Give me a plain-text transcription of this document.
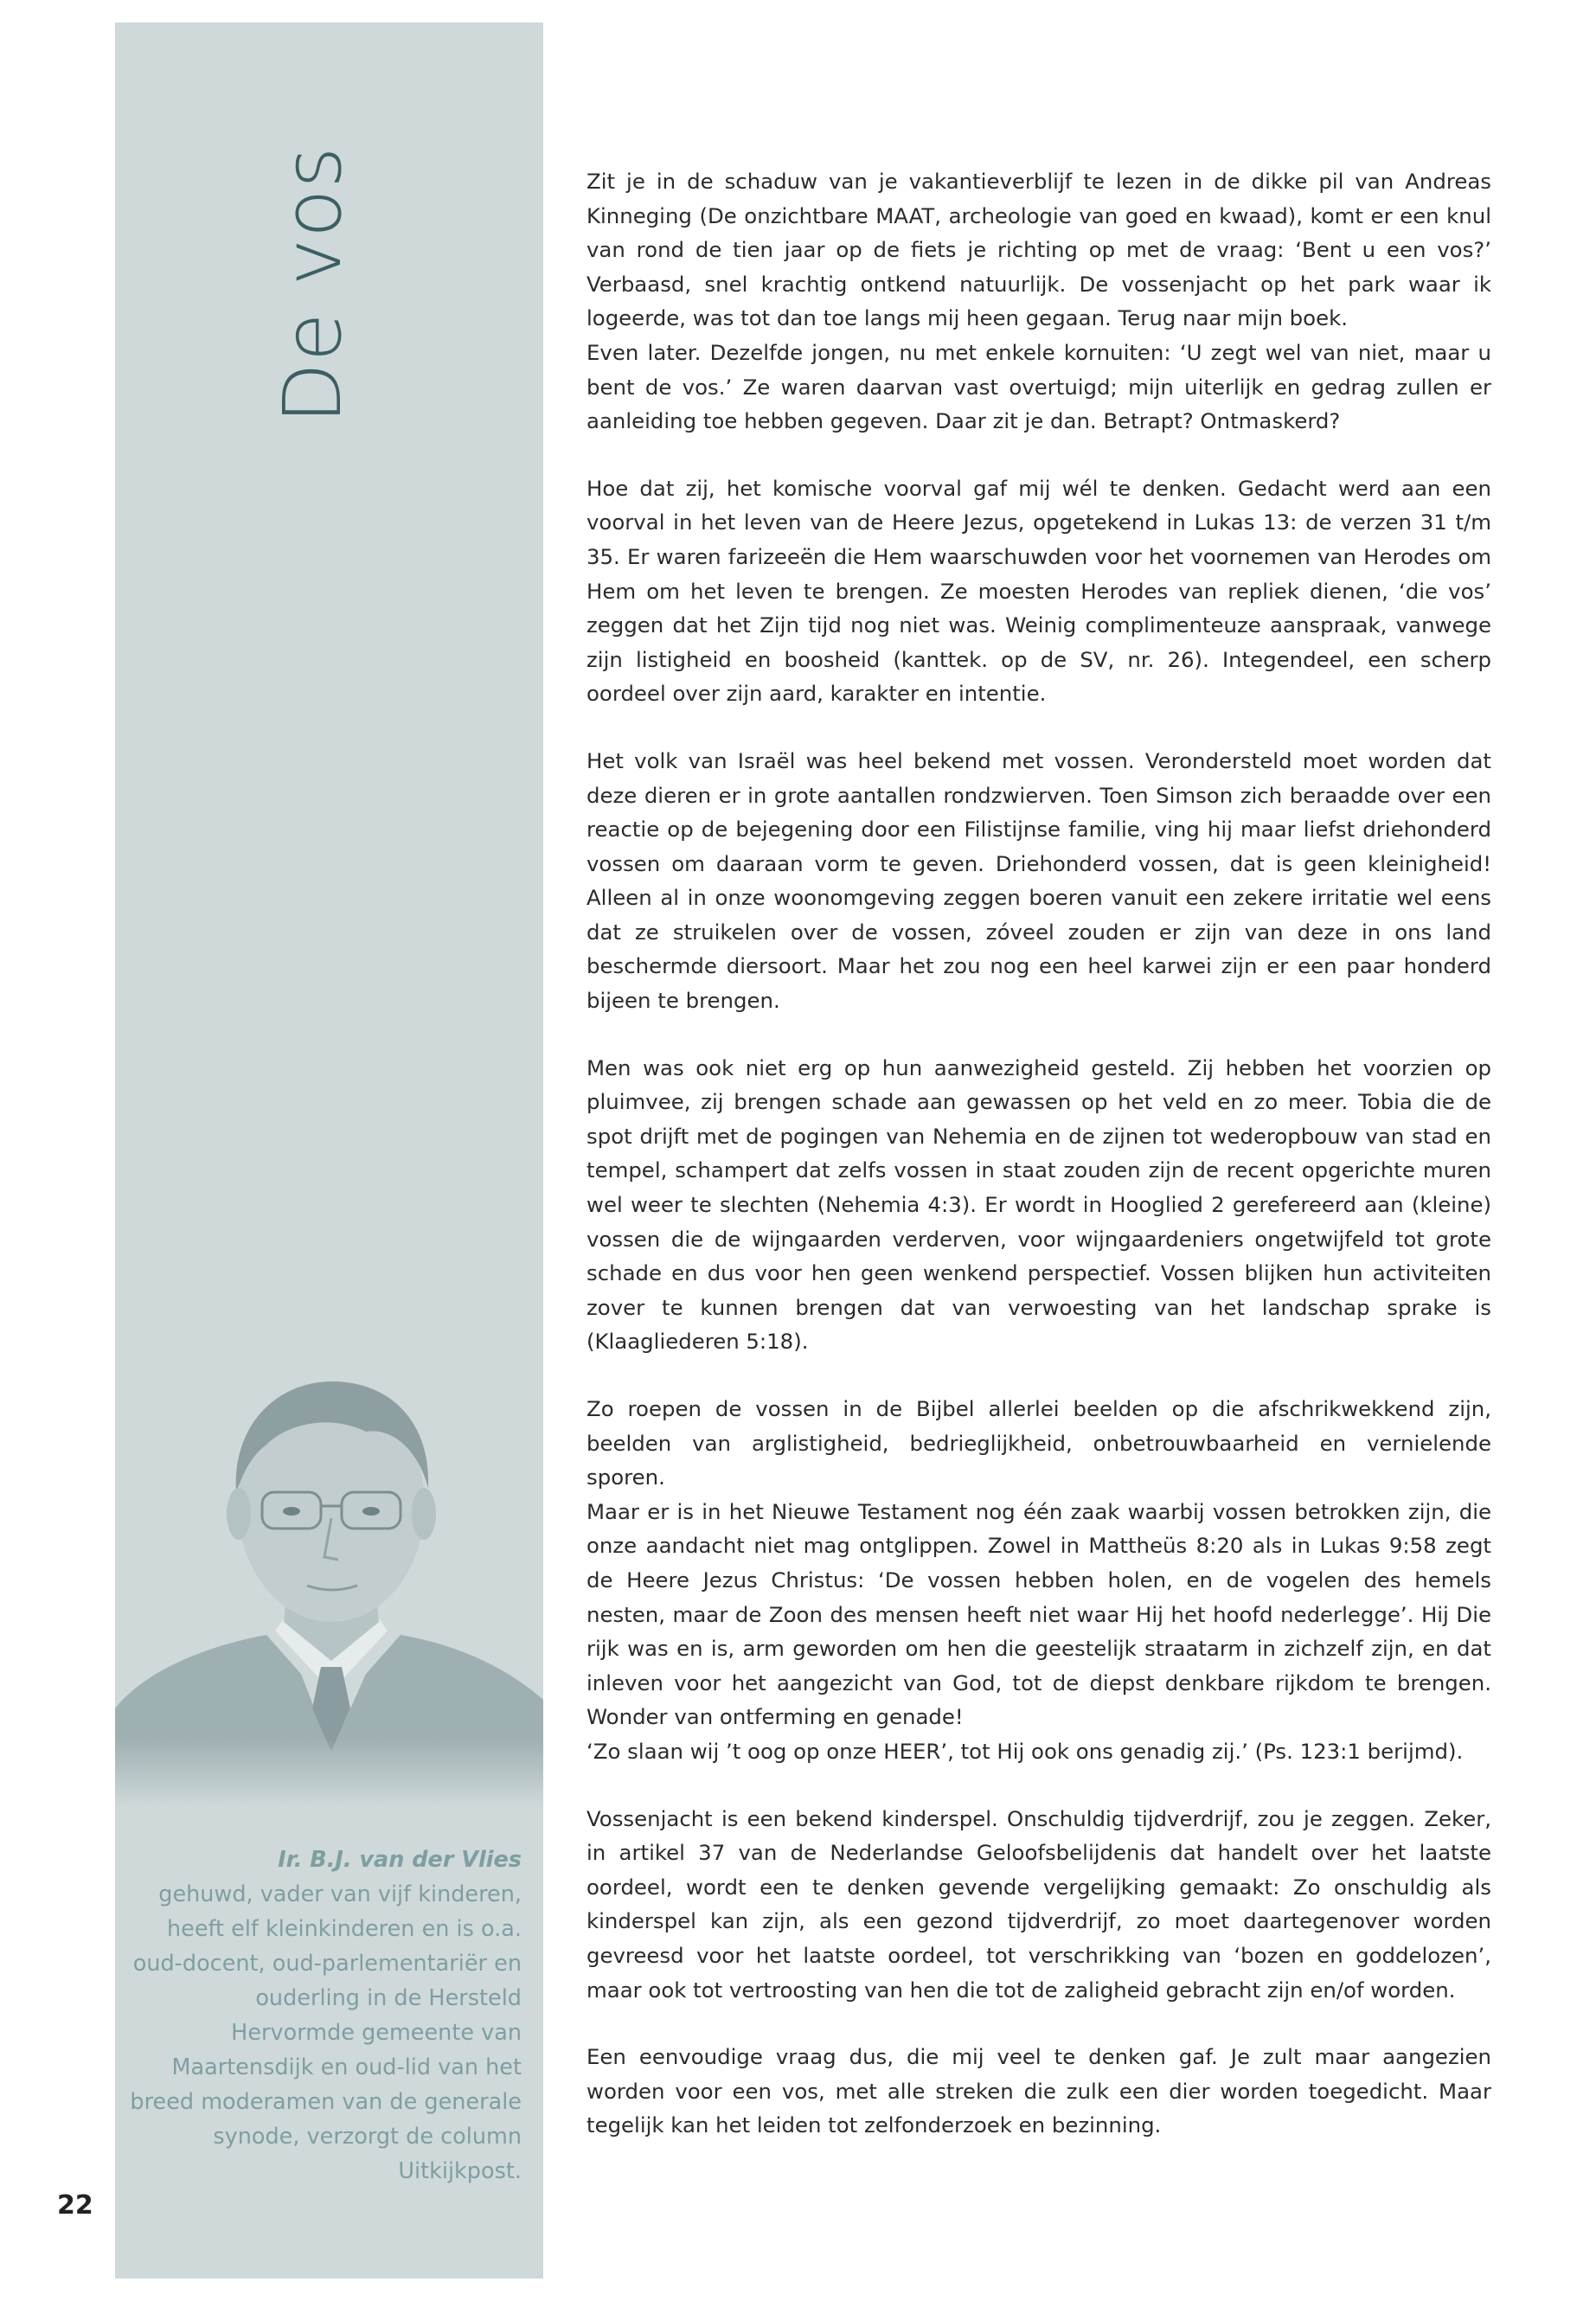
De vos
Ir. B.J. van der Vlies
gehuwd, vader van vijf kinderen, heeft elf kleinkinderen en is o.a. oud-docent, oud-parlementariër en ouderling in de Hersteld Hervormde gemeente van Maartensdijk en oud-lid van het breed moderamen van de generale synode, verzorgt de column Uitkijkpost.
22

Zit je in de schaduw van je vakantieverblijf te lezen in de dikke pil van Andreas Kinneging (De onzichtbare MAAT, archeologie van goed en kwaad), komt er een knul van rond de tien jaar op de fiets je richting op met de vraag: ‘Bent u een vos?’ Verbaasd, snel krachtig ontkend natuurlijk. De vossenjacht op het park waar ik logeerde, was tot dan toe langs mij heen gegaan. Terug naar mijn boek.
Even later. Dezelfde jongen, nu met enkele kornuiten: ‘U zegt wel van niet, maar u bent de vos.’ Ze waren daarvan vast overtuigd; mijn uiterlijk en gedrag zullen er aanleiding toe hebben gegeven. Daar zit je dan. Betrapt? Ontmaskerd?

Hoe dat zij, het komische voorval gaf mij wél te denken. Gedacht werd aan een voorval in het leven van de Heere Jezus, opgetekend in Lukas 13: de verzen 31 t/m 35. Er waren farizeeën die Hem waarschuwden voor het voornemen van Herodes om Hem om het leven te brengen. Ze moesten Herodes van repliek dienen, ‘die vos’ zeggen dat het Zijn tijd nog niet was. Weinig complimenteuze aanspraak, vanwege zijn listigheid en boosheid (kanttek. op de SV, nr. 26). Integendeel, een scherp oordeel over zijn aard, karakter en intentie.

Het volk van Israël was heel bekend met vossen. Verondersteld moet worden dat deze dieren er in grote aantallen rondzwierven. Toen Simson zich beraadde over een reactie op de bejegening door een Filistijnse familie, ving hij maar liefst driehonderd vossen om daaraan vorm te geven. Driehonderd vossen, dat is geen kleinigheid! Alleen al in onze woonomgeving zeggen boeren vanuit een zekere irritatie wel eens dat ze struikelen over de vossen, zóveel zouden er zijn van deze in ons land beschermde diersoort. Maar het zou nog een heel karwei zijn er een paar honderd bijeen te brengen.

Men was ook niet erg op hun aanwezigheid gesteld. Zij hebben het voorzien op pluimvee, zij brengen schade aan gewassen op het veld en zo meer. Tobia die de spot drijft met de pogingen van Nehemia en de zijnen tot wederopbouw van stad en tempel, schampert dat zelfs vossen in staat zouden zijn de recent opgerichte muren wel weer te slechten (Nehemia 4:3). Er wordt in Hooglied 2 gerefereerd aan (kleine) vossen die de wijngaarden verderven, voor wijngaardeniers ongetwijfeld tot grote schade en dus voor hen geen wenkend perspectief. Vossen blijken hun activiteiten zover te kunnen brengen dat van verwoesting van het landschap sprake is (Klaagliederen 5:18).

Zo roepen de vossen in de Bijbel allerlei beelden op die afschrikwekkend zijn, beelden van arglistigheid, bedrieglijkheid, onbetrouwbaarheid en vernielende sporen.
Maar er is in het Nieuwe Testament nog één zaak waarbij vossen betrokken zijn, die onze aandacht niet mag ontglippen. Zowel in Mattheüs 8:20 als in Lukas 9:58 zegt de Heere Jezus Christus: ‘De vossen hebben holen, en de vogelen des hemels nesten, maar de Zoon des mensen heeft niet waar Hij het hoofd nederlegge’. Hij Die rijk was en is, arm geworden om hen die geestelijk straatarm in zichzelf zijn, en dat inleven voor het aangezicht van God, tot de diepst denkbare rijkdom te brengen. Wonder van ontferming en genade!
‘Zo slaan wij ’t oog op onze HEER’, tot Hij ook ons genadig zij.’ (Ps. 123:1 berijmd).

Vossenjacht is een bekend kinderspel. Onschuldig tijdverdrijf, zou je zeggen. Zeker, in artikel 37 van de Nederlandse Geloofsbelijdenis dat handelt over het laatste oordeel, wordt een te denken gevende vergelijking gemaakt: Zo onschuldig als kinderspel kan zijn, als een gezond tijdverdrijf, zo moet daartegenover worden gevreesd voor het laatste oordeel, tot verschrikking van ‘bozen en goddelozen’, maar ook tot vertroosting van hen die tot de zaligheid gebracht zijn en/of worden.

Een eenvoudige vraag dus, die mij veel te denken gaf. Je zult maar aangezien worden voor een vos, met alle streken die zulk een dier worden toegedicht. Maar tegelijk kan het leiden tot zelfonderzoek en bezinning.
